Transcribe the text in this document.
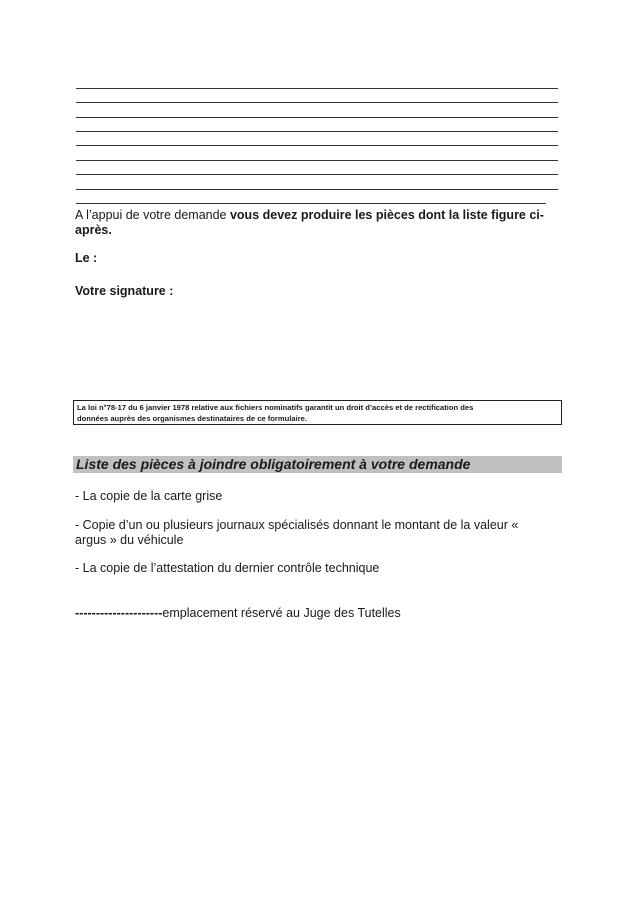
A l’appui de votre demande vous devez produire les pièces dont la liste figure ci-
après.
Le :
Votre signature :
La loi n°78-17 du 6 janvier 1978 relative aux fichiers nominatifs garantit un droit d’accès et de rectification des
données auprès des organismes destinataires de ce formulaire.
Liste des pièces à joindre obligatoirement à votre demande
- La copie de la carte grise
- Copie d’un ou plusieurs journaux spécialisés donnant le montant de la valeur «
argus » du véhicule
- La copie de l’attestation du dernier contrôle technique
---------------------emplacement réservé au Juge des Tutelles
